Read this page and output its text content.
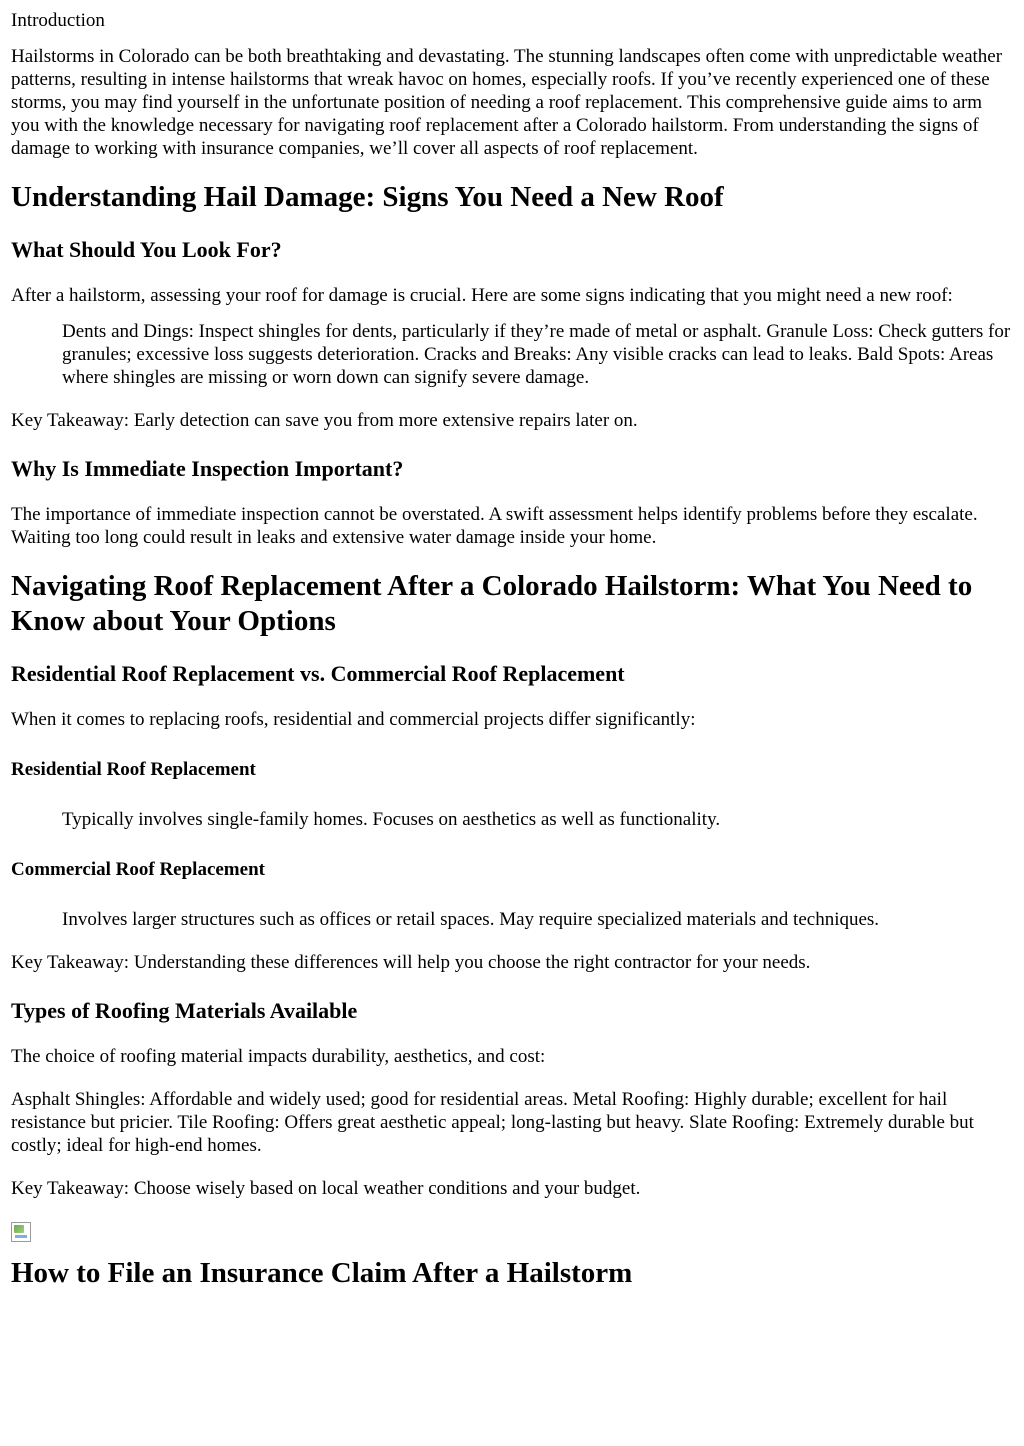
Introduction

Hailstorms in Colorado can be both breathtaking and devastating. The stunning landscapes often come with unpredictable weather patterns, resulting in intense hailstorms that wreak havoc on homes, especially roofs. If you’ve recently experienced one of these storms, you may find yourself in the unfortunate position of needing a roof replacement. This comprehensive guide aims to arm you with the knowledge necessary for navigating roof replacement after a Colorado hailstorm. From understanding the signs of damage to working with insurance companies, we’ll cover all aspects of roof replacement.

Understanding Hail Damage: Signs You Need a New Roof
What Should You Look For?

After a hailstorm, assessing your roof for damage is crucial. Here are some signs indicating that you might need a new roof:

Dents and Dings: Inspect shingles for dents, particularly if they’re made of metal or asphalt. Granule Loss: Check gutters for granules; excessive loss suggests deterioration. Cracks and Breaks: Any visible cracks can lead to leaks. Bald Spots: Areas where shingles are missing or worn down can signify severe damage.

Key Takeaway: Early detection can save you from more extensive repairs later on.

Why Is Immediate Inspection Important?

The importance of immediate inspection cannot be overstated. A swift assessment helps identify problems before they escalate. Waiting too long could result in leaks and extensive water damage inside your home.

Navigating Roof Replacement After a Colorado Hailstorm: What You Need to Know about Your Options
Residential Roof Replacement vs. Commercial Roof Replacement

When it comes to replacing roofs, residential and commercial projects differ significantly:

Residential Roof Replacement

Typically involves single-family homes. Focuses on aesthetics as well as functionality.

Commercial Roof Replacement

Involves larger structures such as offices or retail spaces. May require specialized materials and techniques.

Key Takeaway: Understanding these differences will help you choose the right contractor for your needs.

Types of Roofing Materials Available

The choice of roofing material impacts durability, aesthetics, and cost:

Asphalt Shingles: Affordable and widely used; good for residential areas. Metal Roofing: Highly durable; excellent for hail resistance but pricier. Tile Roofing: Offers great aesthetic appeal; long-lasting but heavy. Slate Roofing: Extremely durable but costly; ideal for high-end homes.

Key Takeaway: Choose wisely based on local weather conditions and your budget.

How to File an Insurance Claim After a Hailstorm
